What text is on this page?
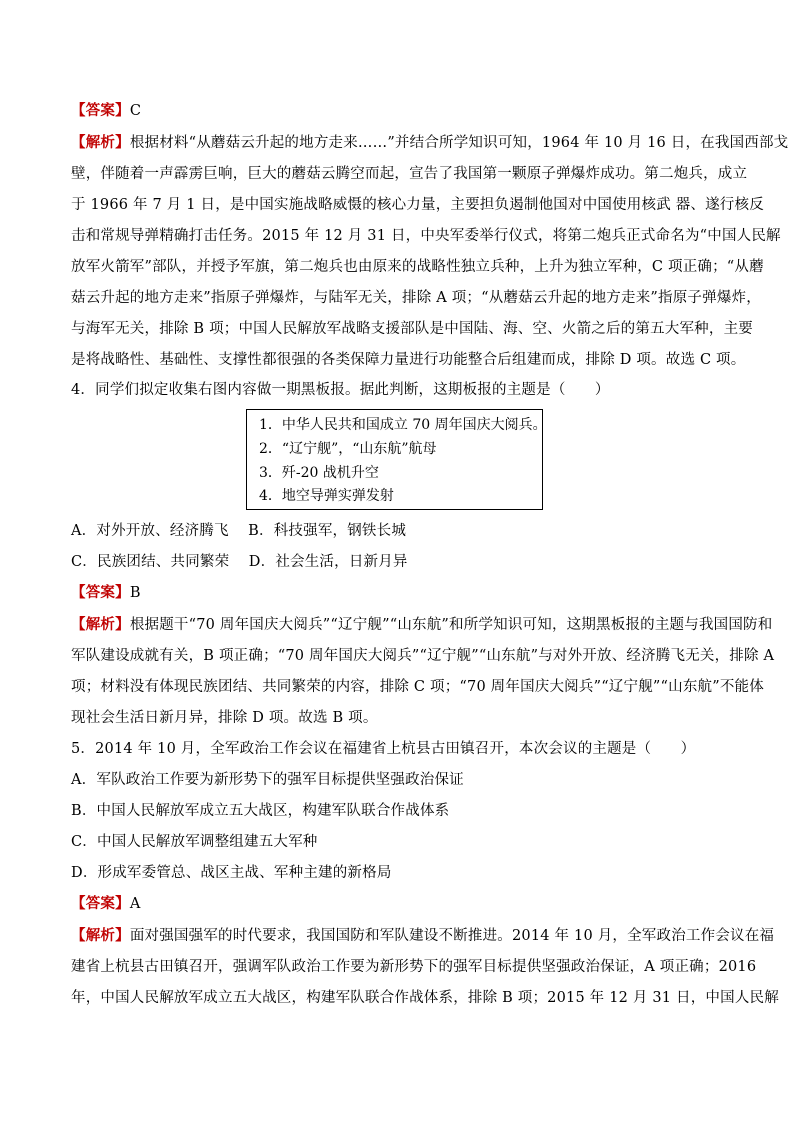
【答案】C
【解析】根据材料“从蘑菇云升起的地方走来……”并结合所学知识可知，1964 年 10 月 16 日，在我国西部戈
壁，伴随着一声霹雳巨响，巨大的蘑菇云腾空而起，宣告了我国第一颗原子弹爆炸成功。第二炮兵，成立
于 1966 年 7 月 1 日，是中国实施战略威慑的核心力量，主要担负遏制他国对中国使用核武 器、遂行核反
击和常规导弹精确打击任务。2015 年 12 月 31 日，中央军委举行仪式，将第二炮兵正式命名为“中国人民解
放军火箭军”部队，并授予军旗，第二炮兵也由原来的战略性独立兵种，上升为独立军种，C 项正确；“从蘑
菇云升起的地方走来”指原子弹爆炸，与陆军无关，排除 A 项；“从蘑菇云升起的地方走来”指原子弹爆炸，
与海军无关，排除 B 项；中国人民解放军战略支援部队是中国陆、海、空、火箭之后的第五大军种，主要
是将战略性、基础性、支撑性都很强的各类保障力量进行功能整合后组建而成，排除 D 项。故选 C 项。
4．同学们拟定收集右图内容做一期黑板报。据此判断，这期板报的主题是（　　）
1．中华人民共和国成立 70 周年国庆大阅兵。
2．“辽宁舰”，“山东航”航母
3．歼-20 战机升空
4．地空导弹实弹发射
A．对外开放、经济腾飞　 B．科技强军，钢铁长城
C．民族团结、共同繁荣　 D．社会生活，日新月异
【答案】B
【解析】根据题干“70 周年国庆大阅兵”“辽宁舰”“山东航”和所学知识可知，这期黑板报的主题与我国国防和
军队建设成就有关，B 项正确；“70 周年国庆大阅兵”“辽宁舰”“山东航”与对外开放、经济腾飞无关，排除 A
项；材料没有体现民族团结、共同繁荣的内容，排除 C 项；“70 周年国庆大阅兵”“辽宁舰”“山东航”不能体
现社会生活日新月异，排除 D 项。故选 B 项。
5．2014 年 10 月，全军政治工作会议在福建省上杭县古田镇召开，本次会议的主题是（　　）
A．军队政治工作要为新形势下的强军目标提供坚强政治保证
B．中国人民解放军成立五大战区，构建军队联合作战体系
C．中国人民解放军调整组建五大军种
D．形成军委管总、战区主战、军种主建的新格局
【答案】A
【解析】面对强国强军的时代要求，我国国防和军队建设不断推进。2014 年 10 月，全军政治工作会议在福
建省上杭县古田镇召开，强调军队政治工作要为新形势下的强军目标提供坚强政治保证，A 项正确；2016
年，中国人民解放军成立五大战区，构建军队联合作战体系，排除 B 项；2015 年 12 月 31 日，中国人民解
